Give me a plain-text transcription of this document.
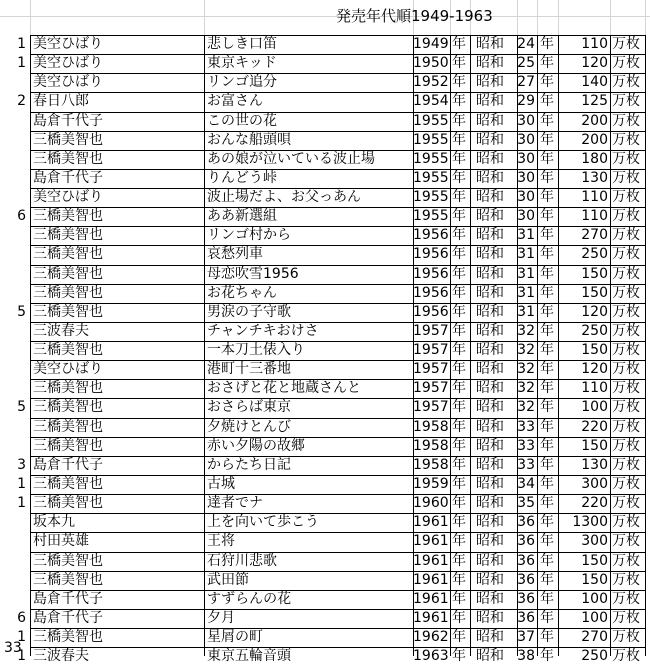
発売年代順1949-1963
1 美空ひばり	悲しき口笛	1949 年 昭和 24 年	110 万枚
1 美空ひばり	東京キッド	1950 年 昭和 25 年	120 万枚
美空ひばり	リンゴ追分	1952 年 昭和 27 年	140 万枚
2 春日八郎	お富さん	1954 年 昭和 29 年	125 万枚
島倉千代子	この世の花	1955 年 昭和 30 年	200 万枚
三橋美智也	おんな船頭唄	1955 年 昭和 30 年	200 万枚
三橋美智也	あの娘が泣いている波止場	1955 年 昭和 30 年	180 万枚
島倉千代子	りんどう峠	1955 年 昭和 30 年	130 万枚
美空ひばり	波止場だよ、お父っあん	1955 年 昭和 30 年	110 万枚
6 三橋美智也	ああ新選組	1955 年 昭和 30 年	110 万枚
三橋美智也	リンゴ村から	1956 年 昭和 31 年	270 万枚
三橋美智也	哀愁列車	1956 年 昭和 31 年	250 万枚
三橋美智也	母恋吹雪1956	1956 年 昭和 31 年	150 万枚
三橋美智也	お花ちゃん	1956 年 昭和 31 年	150 万枚
5 三橋美智也	男涙の子守歌	1956 年 昭和 31 年	120 万枚
三波春夫	チャンチキおけさ	1957 年 昭和 32 年	250 万枚
三橋美智也	一本刀土俵入り	1957 年 昭和 32 年	150 万枚
美空ひばり	港町十三番地	1957 年 昭和 32 年	120 万枚
三橋美智也	おさげと花と地蔵さんと	1957 年 昭和 32 年	110 万枚
5 三橋美智也	おさらば東京	1957 年 昭和 32 年	100 万枚
三橋美智也	夕焼けとんび	1958 年 昭和 33 年	220 万枚
三橋美智也	赤い夕陽の故郷	1958 年 昭和 33 年	150 万枚
3 島倉千代子	からたち日記	1958 年 昭和 33 年	130 万枚
1 三橋美智也	古城	1959 年 昭和 34 年	300 万枚
1 三橋美智也	達者でナ	1960 年 昭和 35 年	220 万枚
坂本九	上を向いて歩こう	1961 年 昭和 36 年	1300 万枚
村田英雄	王将	1961 年 昭和 36 年	300 万枚
三橋美智也	石狩川悲歌	1961 年 昭和 36 年	150 万枚
三橋美智也	武田節	1961 年 昭和 36 年	150 万枚
島倉千代子	すずらんの花	1961 年 昭和 36 年	100 万枚
6 島倉千代子	夕月	1961 年 昭和 36 年	100 万枚
1 三橋美智也	星屑の町	1962 年 昭和 37 年	270 万枚
1 三波春夫	東京五輪音頭	1963 年 昭和 38 年	250 万枚
33
